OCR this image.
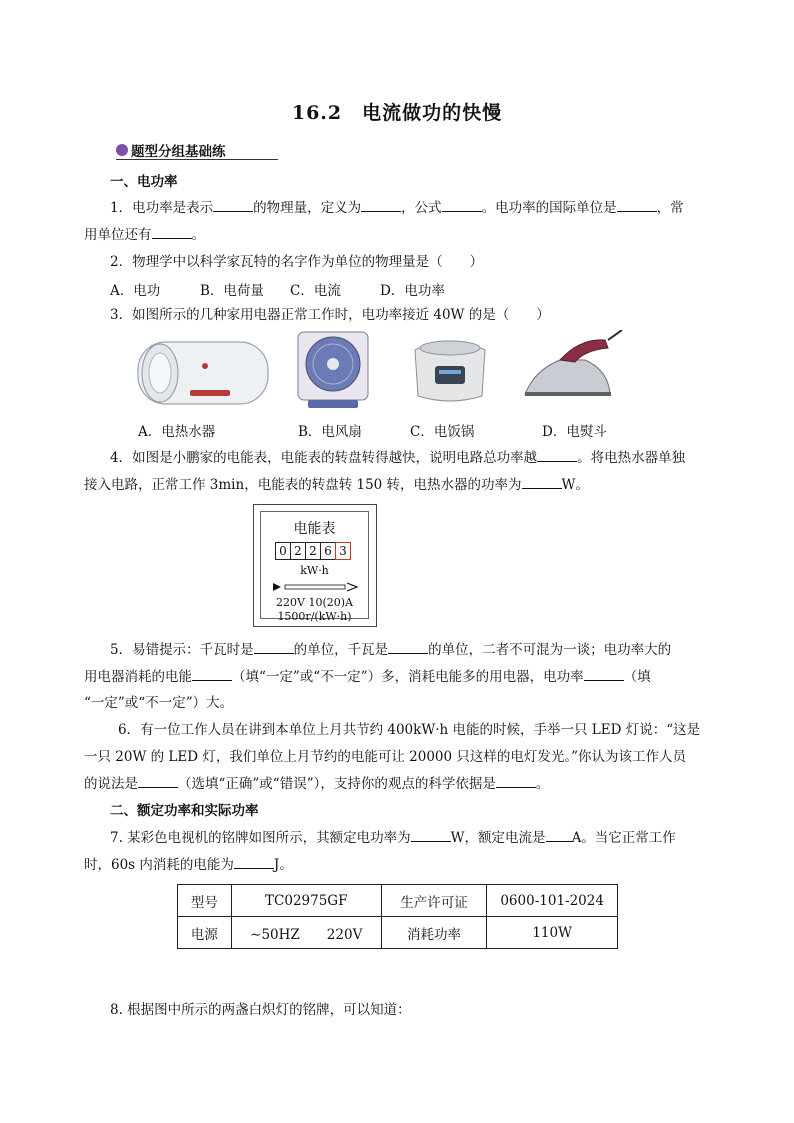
16.2　电流做功的快慢
题型分组基础练
一、电功率
1．电功率是表示	的物理量，定义为	，公式	。电功率的国际单位是	，常
用单位还有	。
2．物理学中以科学家瓦特的名字作为单位的物理量是（　　）
A．电功	B．电荷量	C．电流	D．电功率
3．如图所示的几种家用电器正常工作时，电功率接近 40W 的是（　　）
A．电热水器	B．电风扇	C．电饭锅	D．电熨斗
4．如图是小鹏家的电能表，电能表的转盘转得越快，说明电路总功率越	。将电热水器单独
接入电路，正常工作 3min，电能表的转盘转 150 转，电热水器的功率为	W。
电能表
0 2 2 6 3
kW·h
220V 10(20)A
1500r/(kW·h)
5．易错提示：千瓦时是	的单位，千瓦是	的单位，二者不可混为一谈；电功率大的
用电器消耗的电能	（填“一定”或“不一定”）多，消耗电能多的用电器，电功率	（填
“一定”或“不一定”）大。
6．有一位工作人员在讲到本单位上月共节约 400kW·h 电能的时候，手举一只 LED 灯说：“这是
一只 20W 的 LED 灯，我们单位上月节约的电能可让 20000 只这样的电灯发光。”你认为该工作人员
的说法是	（选填“正确”或“错误”），支持你的观点的科学依据是	。
二、额定功率和实际功率
7. 某彩色电视机的铭牌如图所示，其额定电功率为	W，额定电流是 A。当它正常工作
时，60s 内消耗的电能为	J。
型号	TC02975GF	生产许可证	0600-101-2024
电源	∼50HZ　　220V	消耗功率	110W
8. 根据图中所示的两盏白炽灯的铭牌，可以知道：
